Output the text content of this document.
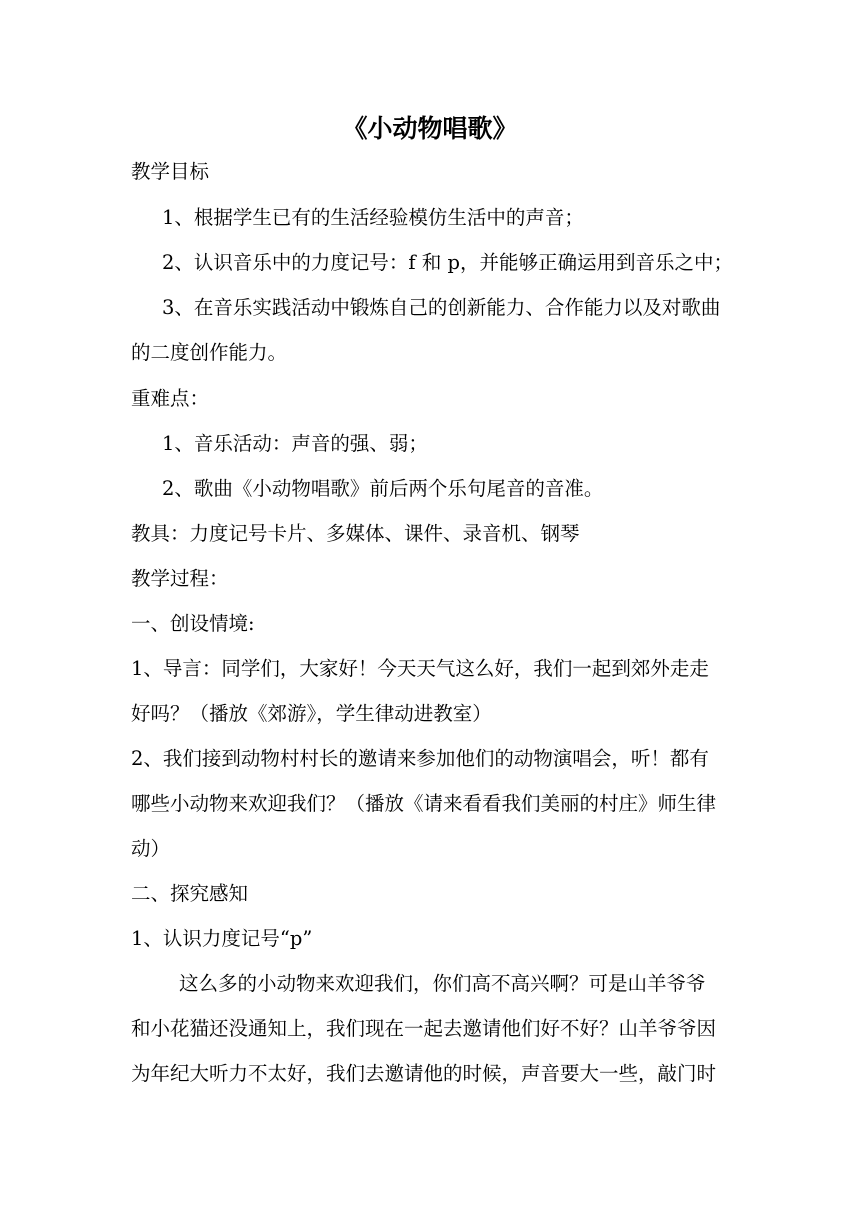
《小动物唱歌》
教学目标
1、根据学生已有的生活经验模仿生活中的声音；
2、认识音乐中的力度记号：f 和 p，并能够正确运用到音乐之中；
3、在音乐实践活动中锻炼自己的创新能力、合作能力以及对歌曲
的二度创作能力。
重难点：
1、音乐活动：声音的强、弱；
2、歌曲《小动物唱歌》前后两个乐句尾音的音准。
教具：力度记号卡片、多媒体、课件、录音机、钢琴
教学过程：
一、创设情境:
1、导言：同学们，大家好！今天天气这么好，我们一起到郊外走走
好吗？（播放《郊游》，学生律动进教室）
2、我们接到动物村村长的邀请来参加他们的动物演唱会，听！都有
哪些小动物来欢迎我们？（播放《请来看看我们美丽的村庄》师生律
动）
二、探究感知
1、认识力度记号“p”
这么多的小动物来欢迎我们，你们高不高兴啊？可是山羊爷爷
和小花猫还没通知上，我们现在一起去邀请他们好不好？山羊爷爷因
为年纪大听力不太好，我们去邀请他的时候，声音要大一些，敲门时
